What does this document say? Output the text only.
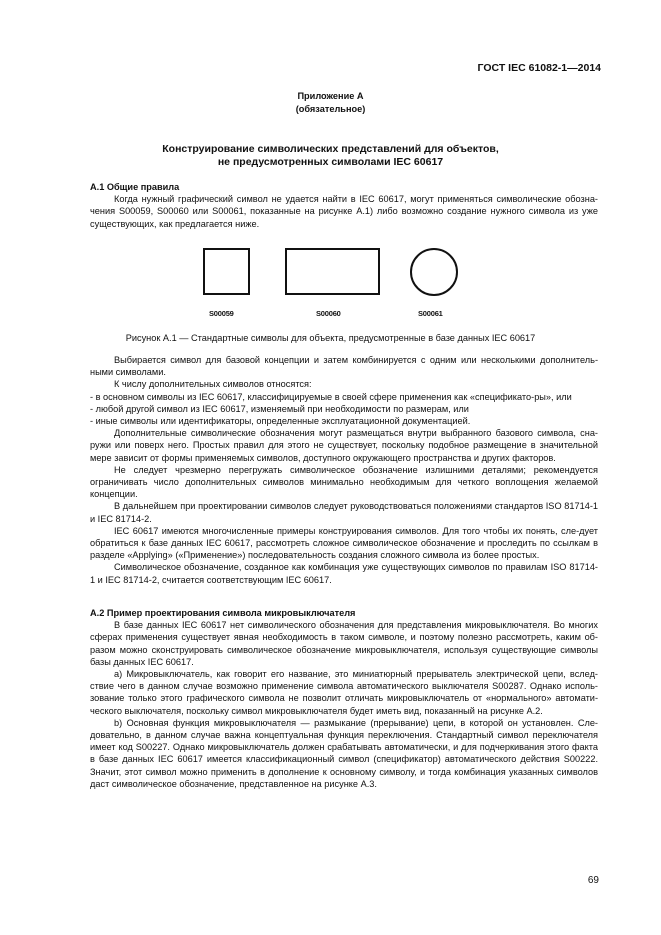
ГОСТ IEC 61082-1—2014
Приложение А
(обязательное)
Конструирование символических представлений для объектов,
не предусмотренных символами IEC 60617

А.1 Общие правила

Когда нужный графический символ не удается найти в IEC 60617, могут применяться символические обозна-чения S00059, S00060 или S00061, показанные на рисунке А.1) либо возможно создание нужного символа из уже существующих, как предлагается ниже.

S00059	S00060	S00061
Рисунок А.1 — Стандартные символы для объекта, предусмотренные в базе данных IEC 60617

Выбирается символ для базовой концепции и затем комбинируется с одним или несколькими дополнитель-ными символами.

К числу дополнительных символов относятся:

- в основном символы из IEC 60617, классифицируемые в своей сфере применения как «спецификато-ры», или

- любой другой символ из IEC 60617, изменяемый при необходимости по размерам, или

- иные символы или идентификаторы, определенные эксплуатационной документацией.

Дополнительные символические обозначения могут размещаться внутри выбранного базового символа, сна-ружи или поверх него. Простых правил для этого не существует, поскольку подобное размещение в значительной мере зависит от формы применяемых символов, доступного окружающего пространства и других факторов.

Не следует чрезмерно перегружать символическое обозначение излишними деталями; рекомендуется ограничивать число дополнительных символов минимально необходимым для четкого воплощения желаемой концепции.

В дальнейшем при проектировании символов следует руководствоваться положениями стандартов ISO 81714-1 и IEC 81714-2.

IEC 60617 имеются многочисленные примеры конструирования символов. Для того чтобы их понять, сле-дует обратиться к базе данных IEC 60617, рассмотреть сложное символическое обозначение и проследить по ссылкам в разделе «Applying» («Применение») последовательность создания сложного символа из более простых.

Символическое обозначение, созданное как комбинация уже существующих символов по правилам ISO 81714-1 и IEC 81714-2, считается соответствующим IEC 60617.

А.2 Пример проектирования символа микровыключателя

В базе данных IEC 60617 нет символического обозначения для представления микровыключателя. Во многих сферах применения существует явная необходимость в таком символе, и поэтому полезно рассмотреть, каким об-разом можно сконструировать символическое обозначение микровыключателя, используя существующие символы базы данных IEC 60617.

а) Микровыключатель, как говорит его название, это миниатюрный прерыватель электрической цепи, вслед-ствие чего в данном случае возможно применение символа автоматического выключателя S00287. Однако исполь-зование только этого графического символа не позволит отличать микровыключатель от «нормального» автомати-ческого выключателя, поскольку символ микровыключателя будет иметь вид, показанный на рисунке А.2.

b) Основная функция микровыключателя — размыкание (прерывание) цепи, в которой он установлен. Сле-довательно, в данном случае важна концептуальная функция переключения. Стандартный символ переключателя имеет код S00227. Однако микровыключатель должен срабатывать автоматически, и для подчеркивания этого факта в базе данных IEC 60617 имеется классификационный символ (спецификатор) автоматического действия S00222. Значит, этот символ можно применить в дополнение к основному символу, и тогда комбинация указанных символов даст символическое обозначение, представленное на рисунке А.3.

69
